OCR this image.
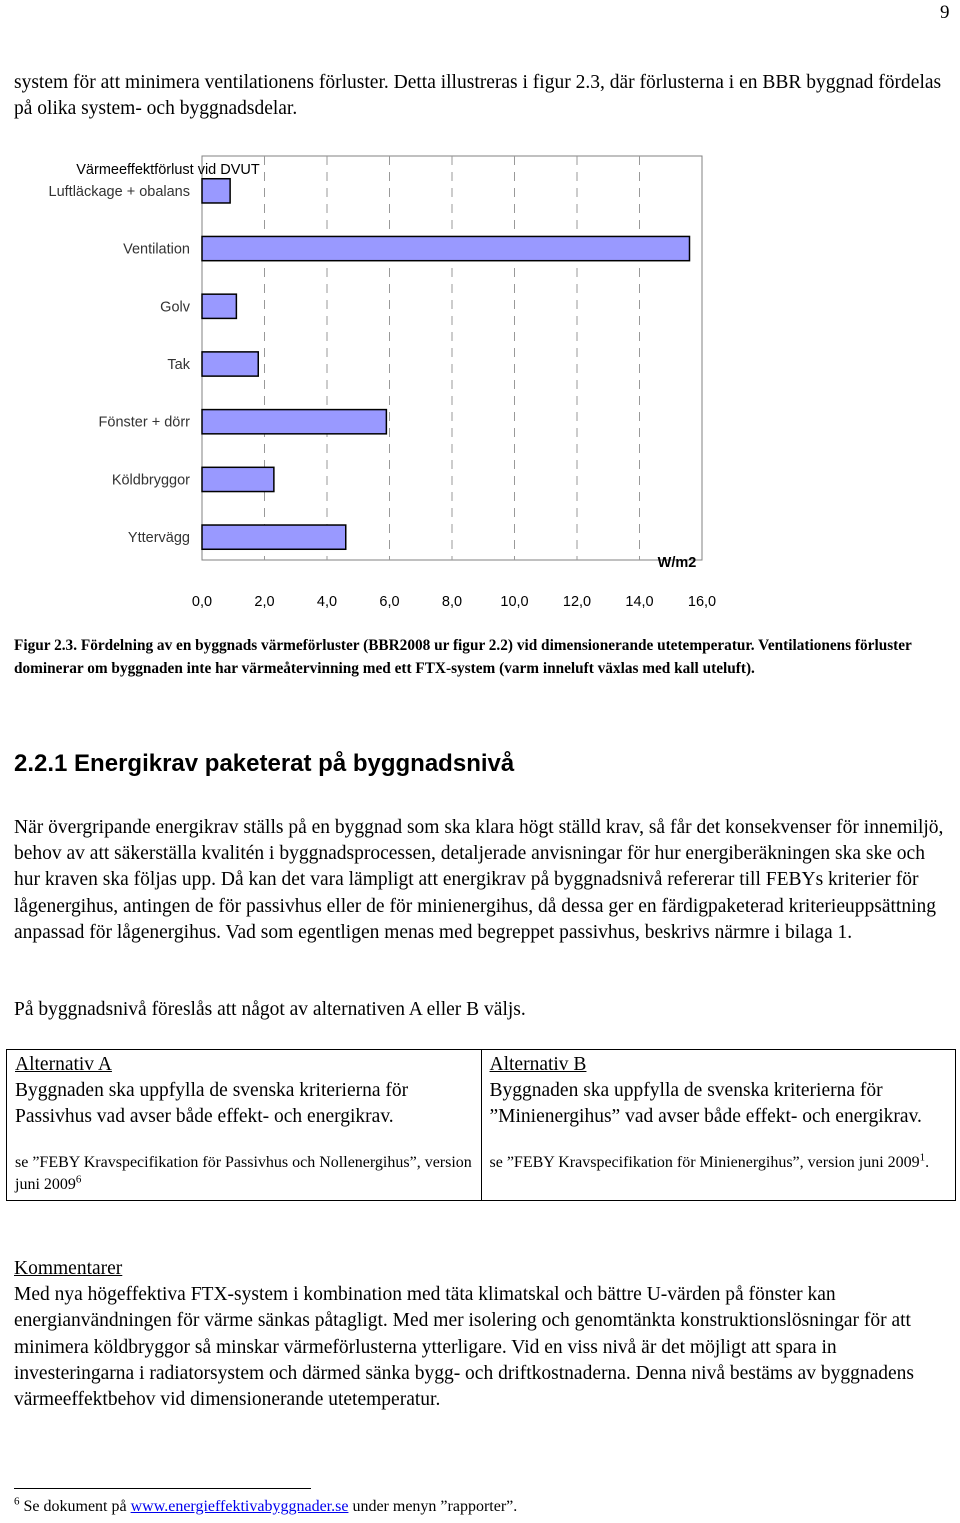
9
system för att minimera ventilationens förluster. Detta illustreras i figur 2.3, där förlusterna i en BBR byggnad fördelas på olika system- och byggnadsdelar.
Luftläckage + obalans
Ventilation
Golv
Tak
Fönster + dörr
Köldbryggor
Yttervägg
0,0	2,0	4,0	6,0	8,0	10,0 12,0 14,0 16,0
Värmeeffektförlust vid DVUT
W/m2
Figur 2.3. Fördelning av en byggnads värmeförluster (BBR2008 ur figur 2.2) vid dimensionerande utetemperatur. Ventilationens förluster dominerar om byggnaden inte har värmeåtervinning med ett FTX-system (varm inneluft växlas med kall uteluft).
2.2.1 Energikrav paketerat på byggnadsnivå
När övergripande energikrav ställs på en byggnad som ska klara högt ställd krav, så får det konsekvenser för innemiljö, behov av att säkerställa kvalitén i byggnadsprocessen, detaljerade anvisningar för hur energiberäkningen ska ske och hur kraven ska följas upp. Då kan det vara lämpligt att energikrav på byggnadsnivå refererar till FEBYs kriterier för lågenergihus, antingen de för passivhus eller de för minienergihus, då dessa ger en färdigpaketerad kriterieuppsättning anpassad för lågenergihus. Vad som egentligen menas med begreppet passivhus, beskrivs närmre i bilaga 1.
På byggnadsnivå föreslås att något av alternativen A eller B väljs.
Alternativ A
Byggnaden ska uppfylla de svenska kriterierna för Passivhus vad avser både effekt- och energikrav.
se ”FEBY Kravspecifikation för Passivhus och Nollenergihus”, version juni 2009$^6$

Alternativ B
Byggnaden ska uppfylla de svenska kriterierna för ”Minienergihus” vad avser både effekt- och energikrav.
se ”FEBY Kravspecifikation för Minienergihus”, version juni 2009$^1$.
Kommentarer
Med nya högeffektiva FTX-system i kombination med täta klimatskal och bättre U-värden på fönster kan energianvändningen för värme sänkas påtagligt. Med mer isolering och genomtänkta konstruktionslösningar för att minimera köldbryggor så minskar värmeförlusterna ytterligare. Vid en viss nivå är det möjligt att spara in investeringarna i radiatorsystem och därmed sänka bygg- och driftkostnaderna. Denna nivå bestäms av byggnadens värmeeffektbehov vid dimensionerande utetemperatur.
$^6$ Se dokument på www.energieffektivabyggnader.se under menyn ”rapporter”.
